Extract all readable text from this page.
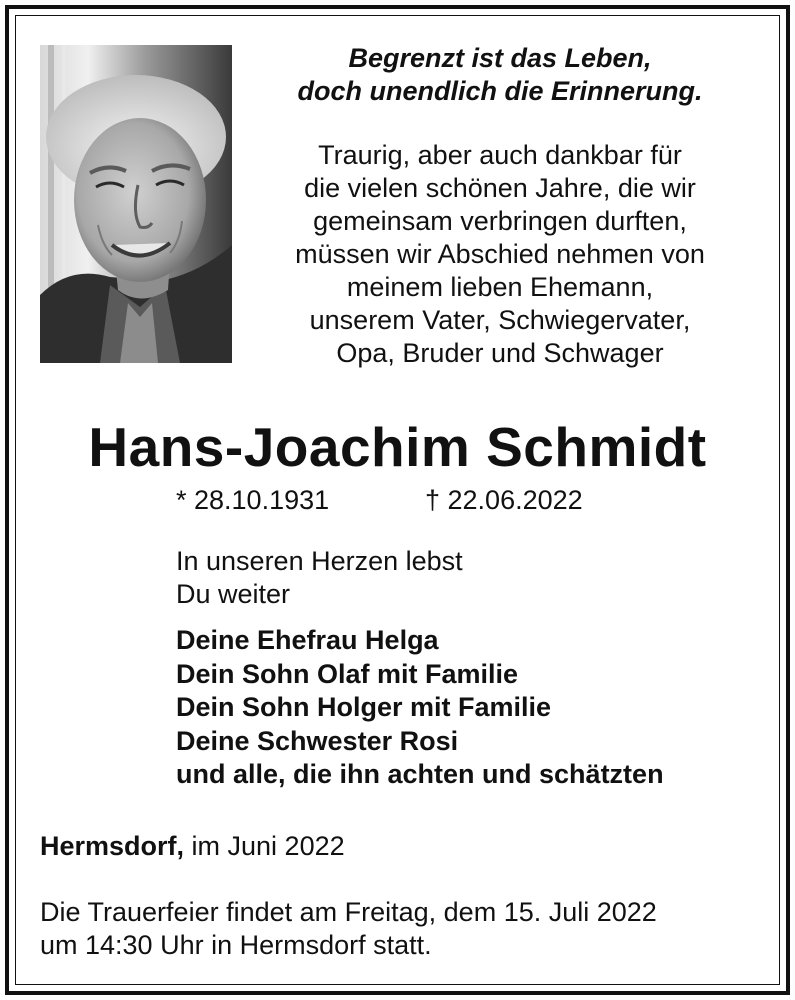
Begrenzt ist das Leben,
doch unendlich die Erinnerung.
Traurig, aber auch dankbar für
die vielen schönen Jahre, die wir
gemeinsam verbringen durften,
müssen wir Abschied nehmen von
meinem lieben Ehemann,
unserem Vater, Schwiegervater,
Opa, Bruder und Schwager
Hans-Joachim Schmidt
* 28.10.1931	† 22.06.2022
In unseren Herzen lebst
Du weiter
Deine Ehefrau Helga
Dein Sohn Olaf mit Familie
Dein Sohn Holger mit Familie
Deine Schwester Rosi
und alle, die ihn achten und schätzten
Hermsdorf, im Juni 2022
Die Trauerfeier findet am Freitag, dem 15. Juli 2022
um 14:30 Uhr in Hermsdorf statt.
